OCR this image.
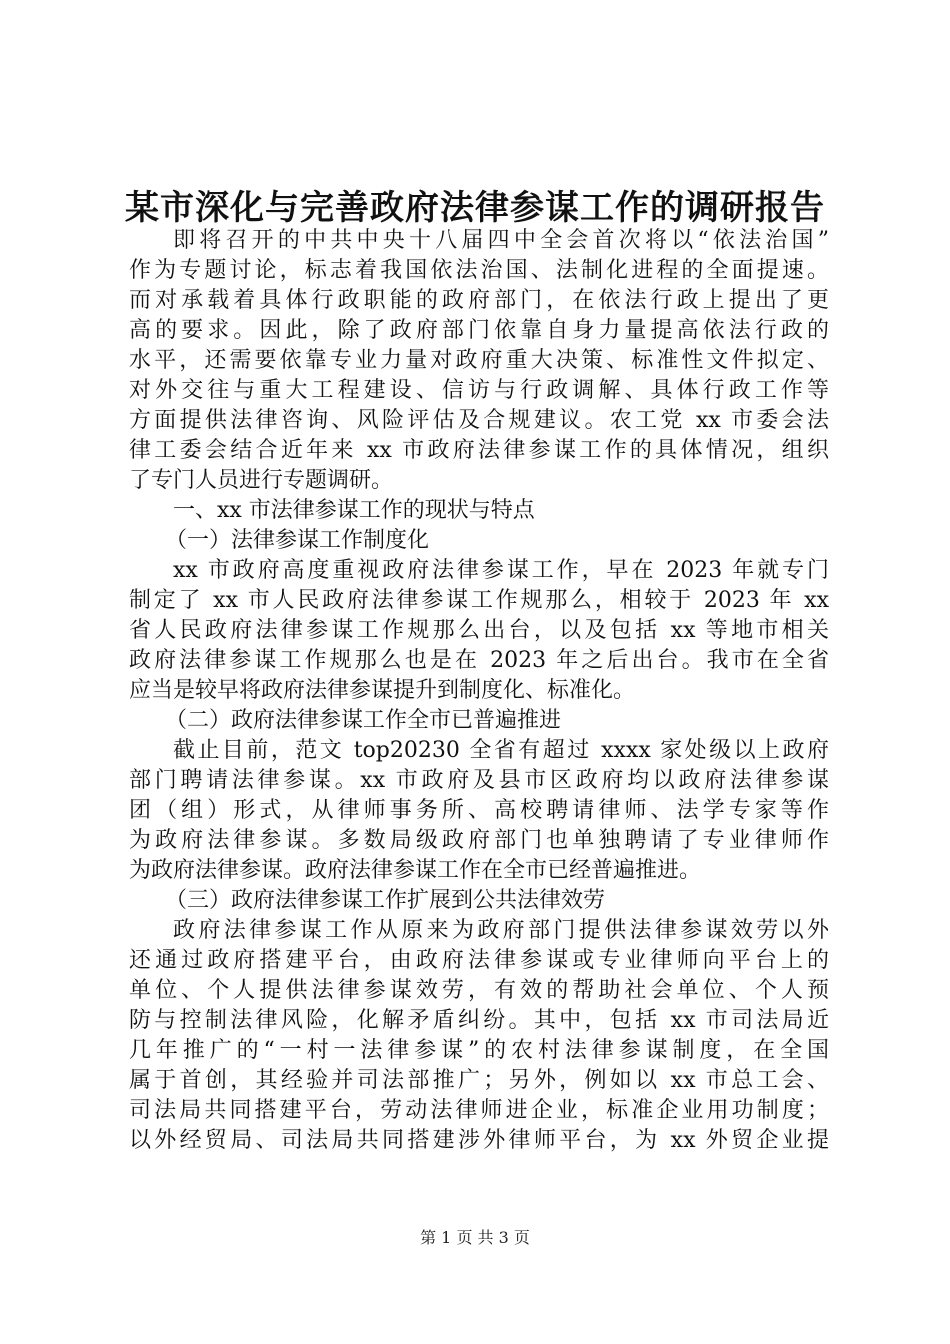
某市深化与完善政府法律参谋工作的调研报告
即将召开的中共中央十八届四中全会首次将以“依法治国”
作为专题讨论，标志着我国依法治国、法制化进程的全面提速。
而对承载着具体行政职能的政府部门，在依法行政上提出了更
高的要求。因此，除了政府部门依靠自身力量提高依法行政的
水平，还需要依靠专业力量对政府重大决策、标准性文件拟定、
对外交往与重大工程建设、信访与行政调解、具体行政工作等
方面提供法律咨询、风险评估及合规建议。农工党 xx 市委会法
律工委会结合近年来 xx 市政府法律参谋工作的具体情况，组织
了专门人员进行专题调研。
一、xx 市法律参谋工作的现状与特点
（一）法律参谋工作制度化
xx 市政府高度重视政府法律参谋工作，早在 2023 年就专门
制定了 xx 市人民政府法律参谋工作规那么，相较于 2023 年 xx
省人民政府法律参谋工作规那么出台，以及包括 xx 等地市相关
政府法律参谋工作规那么也是在 2023 年之后出台。我市在全省
应当是较早将政府法律参谋提升到制度化、标准化。
（二）政府法律参谋工作全市已普遍推进
截止目前，范文 top20230 全省有超过 xxxx 家处级以上政府
部门聘请法律参谋。xx 市政府及县市区政府均以政府法律参谋
团（组）形式，从律师事务所、高校聘请律师、法学专家等作
为政府法律参谋。多数局级政府部门也单独聘请了专业律师作
为政府法律参谋。政府法律参谋工作在全市已经普遍推进。
（三）政府法律参谋工作扩展到公共法律效劳
政府法律参谋工作从原来为政府部门提供法律参谋效劳以外
还通过政府搭建平台，由政府法律参谋或专业律师向平台上的
单位、个人提供法律参谋效劳，有效的帮助社会单位、个人预
防与控制法律风险，化解矛盾纠纷。其中，包括 xx 市司法局近
几年推广的“一村一法律参谋”的农村法律参谋制度，在全国
属于首创，其经验并司法部推广；另外，例如以 xx 市总工会、
司法局共同搭建平台，劳动法律师进企业，标准企业用功制度；
以外经贸局、司法局共同搭建涉外律师平台，为 xx 外贸企业提
第 1 页 共 3 页
